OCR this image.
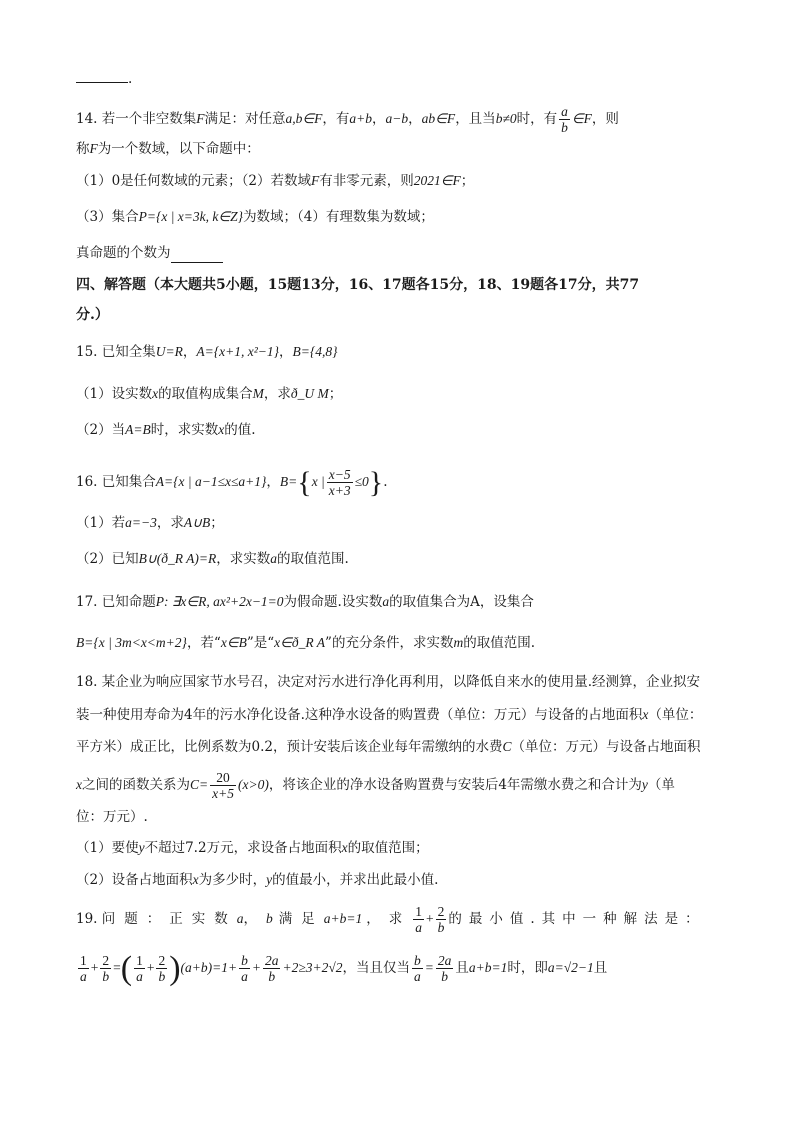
.
14. 若一个非空数集F满足：对任意a,b∈F，有a+b，a−b，ab∈F，且当b≠0时，有 $\frac{a}{b}$ ∈F，则
称F为一个数域，以下命题中：
（1）0是任何数域的元素；（2）若数域F有非零元素，则2021∈F；
（3）集合P={x | x=3k, k∈Z}为数域；（4）有理数集为数域；
真命题的个数为
四、解答题（本大题共5小题，15题13分，16、17题各15分，18、19题各17分，共77
分.）
15. 已知全集U=R，A={x+1, x²−1}，B={4,8}
（1）设实数x的取值构成集合M，求ð_U M；
（2）当A=B时，求实数x的值.
16. 已知集合A={x | a−1≤x≤a+1}，B={x | $\frac{x-5}{x+3} \le 0$}.
（1）若a=−3，求A∪B；
（2）已知B∪(ð_R A)=R，求实数a的取值范围.
17. 已知命题P: ∃x∈R, ax²+2x−1=0为假命题.设实数a的取值集合为A，设集合
B={x | 3m<x<m+2}，若“x∈B”是“x∈ð_R A”的充分条件，求实数m的取值范围.
18. 某企业为响应国家节水号召，决定对污水进行净化再利用，以降低自来水的使用量.经测算，企业拟安
装一种使用寿命为4年的污水净化设备.这种净水设备的购置费（单位：万元）与设备的占地面积x（单位：
平方米）成正比，比例系数为0.2，预计安装后该企业每年需缴纳的水费C（单位：万元）与设备占地面积
x之间的函数关系为$C= \frac{20}{x+5} (x>0)$，将该企业的净水设备购置费与安装后4年需缴水费之和合计为y（单
位：万元）.
（1）要使y不超过7.2万元，求设备占地面积x的取值范围；
（2）设备占地面积x为多少时，y的值最小，并求出此最小值.
19. 问题：正实数a，b 满足a+b=1 ，求 $\frac{1}{a} + \frac{2}{b}$ 的最小值.其中一种解法是：
$\frac{1}{a} + \frac{2}{b}$ =( $\frac{1}{a} + \frac{2}{b} )(a+b)=1+ \frac{b}{a} + \frac{2a}{b} +2\ge 3+2√2$，当且仅当 $\frac{b}{a} = \frac{2a}{b}$ 且a+b=1时，即a=√2−1且
